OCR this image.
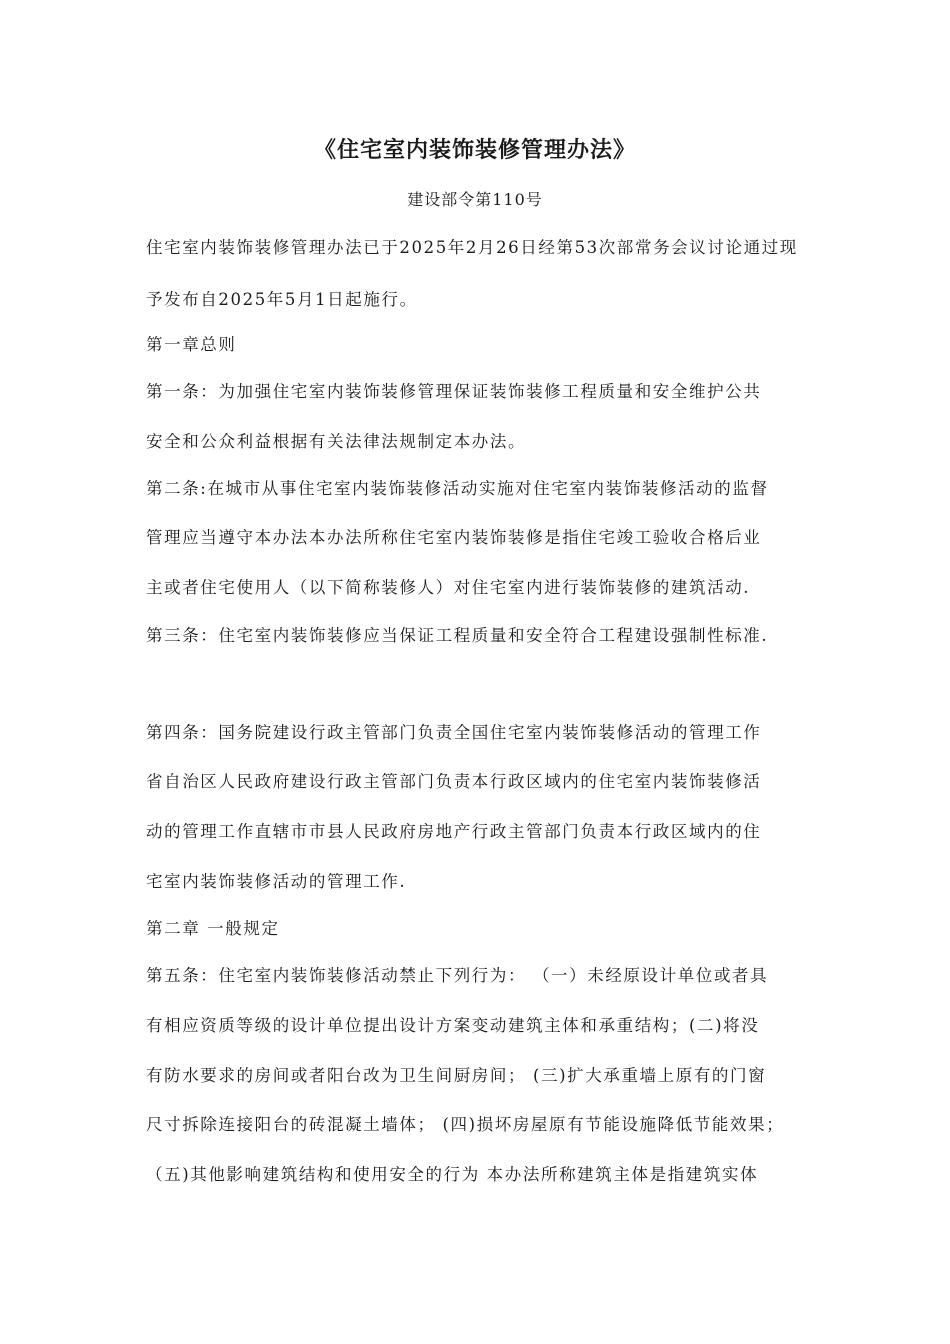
《住宅室内装饰装修管理办法》
建设部令第110号
住宅室内装饰装修管理办法已于2025年2月26日经第53次部常务会议讨论通过现
予发布自2025年5月1日起施行。
第一章总则
第一条：为加强住宅室内装饰装修管理保证装饰装修工程质量和安全维护公共
安全和公众利益根据有关法律法规制定本办法。
第二条:在城市从事住宅室内装饰装修活动实施对住宅室内装饰装修活动的监督
管理应当遵守本办法本办法所称住宅室内装饰装修是指住宅竣工验收合格后业
主或者住宅使用人（以下简称装修人）对住宅室内进行装饰装修的建筑活动.
第三条：住宅室内装饰装修应当保证工程质量和安全符合工程建设强制性标准.
第四条：国务院建设行政主管部门负责全国住宅室内装饰装修活动的管理工作
省自治区人民政府建设行政主管部门负责本行政区域内的住宅室内装饰装修活
动的管理工作直辖市市县人民政府房地产行政主管部门负责本行政区域内的住
宅室内装饰装修活动的管理工作.
第二章 一般规定
第五条：住宅室内装饰装修活动禁止下列行为： （一）未经原设计单位或者具
有相应资质等级的设计单位提出设计方案变动建筑主体和承重结构；(二)将没
有防水要求的房间或者阳台改为卫生间厨房间； (三)扩大承重墙上原有的门窗
尺寸拆除连接阳台的砖混凝土墙体； (四)损坏房屋原有节能设施降低节能效果；
（五)其他影响建筑结构和使用安全的行为 本办法所称建筑主体是指建筑实体
